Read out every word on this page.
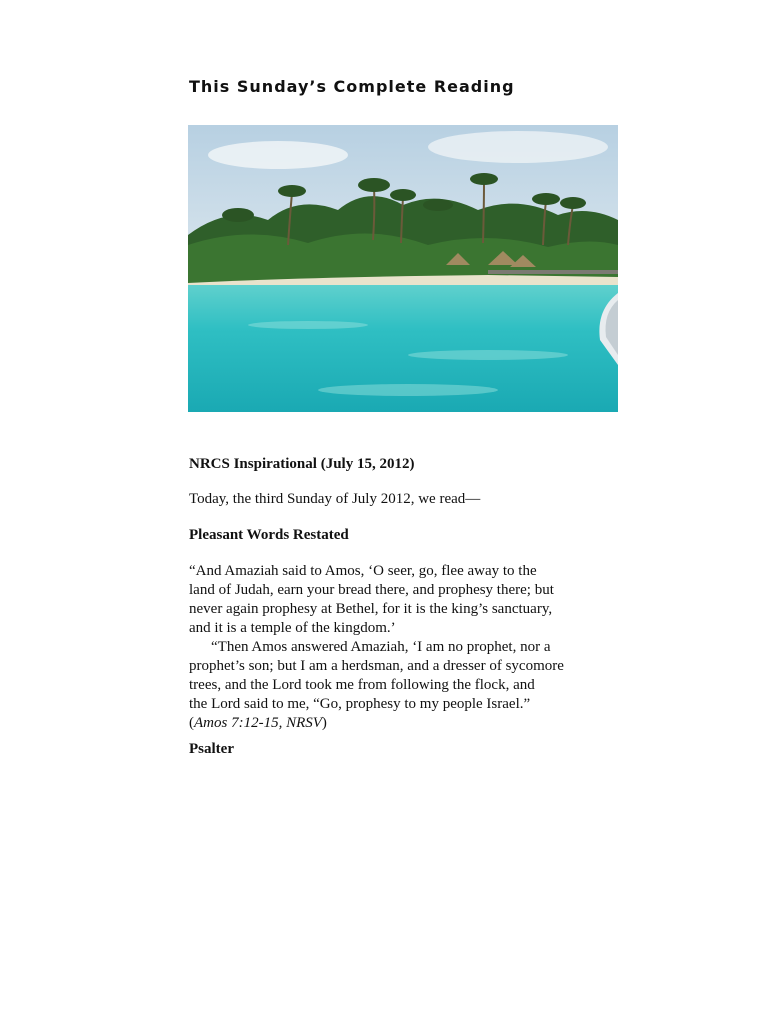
This Sunday’s Complete Reading

NRCS Inspirational (July 15, 2012)

Today, the third Sunday of July 2012, we read—

Pleasant Words Restated

“And Amaziah said to Amos, ‘O seer, go, flee away to the
land of Judah, earn your bread there, and prophesy there; but
never again prophesy at Bethel, for it is the king’s sanctuary,
and it is a temple of the kingdom.’
“Then Amos answered Amaziah, ‘I am no prophet, nor a
prophet’s son; but I am a herdsman, and a dresser of sycomore
trees, and the Lord took me from following the flock, and
the Lord said to me, “Go, prophesy to my people Israel.”
(Amos 7:12-15, NRSV)

Psalter
